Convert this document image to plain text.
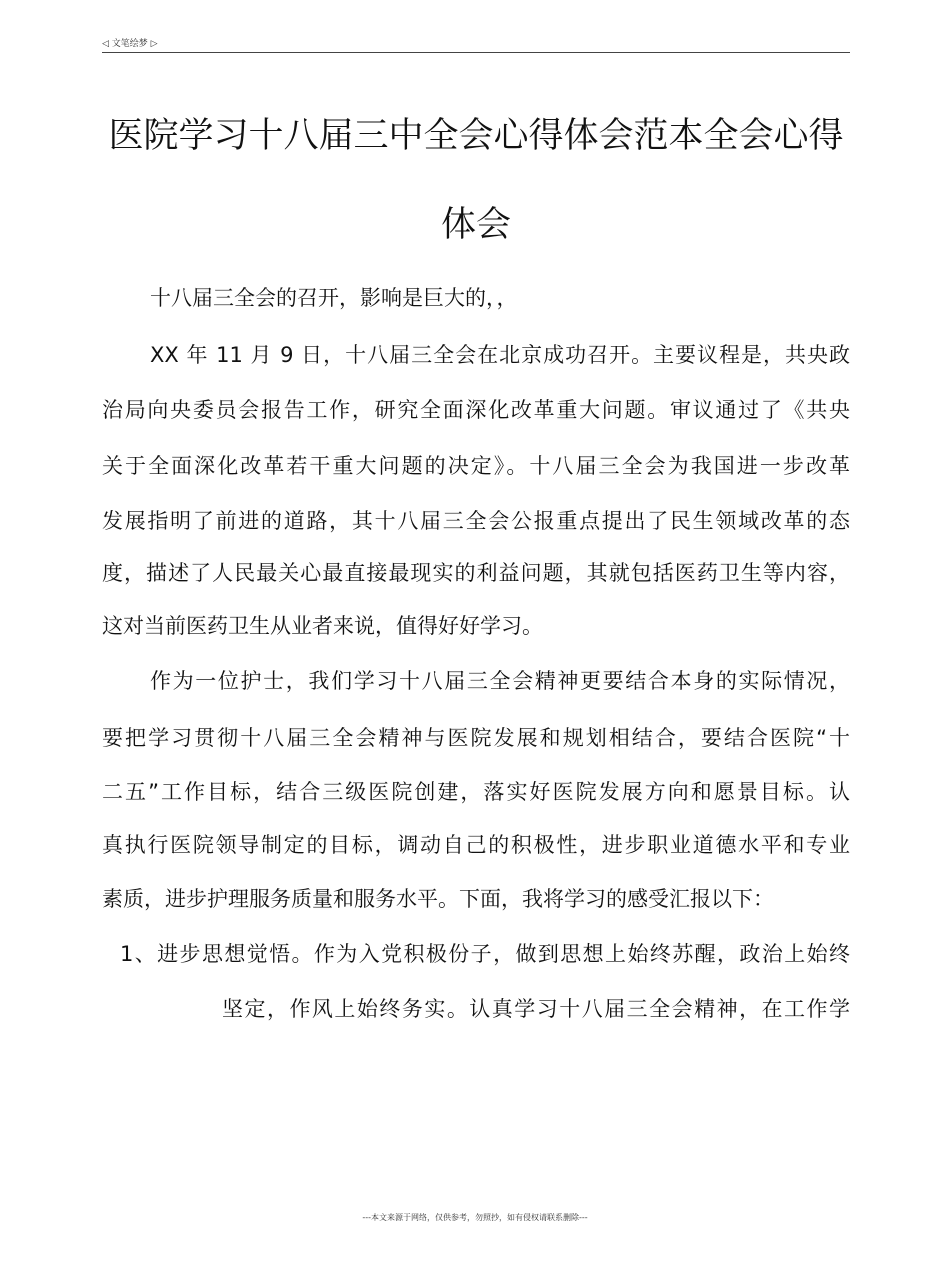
◁ 文笔绘梦 ▷
医院学习十八届三中全会心得体会范本全会心得
体会
十八届三全会的召开，影响是巨大的，，
XX 年 11 月 9 日，十八届三全会在北京成功召开。主要议程是，共央政
治局向央委员会报告工作，研究全面深化改革重大问题。审议通过了《共央
关于全面深化改革若干重大问题的决定》。十八届三全会为我国进一步改革
发展指明了前进的道路，其十八届三全会公报重点提出了民生领域改革的态
度，描述了人民最关心最直接最现实的利益问题，其就包括医药卫生等内容，
这对当前医药卫生从业者来说，值得好好学习。
作为一位护士，我们学习十八届三全会精神更要结合本身的实际情况，
要把学习贯彻十八届三全会精神与医院发展和规划相结合，要结合医院“十
二五”工作目标，结合三级医院创建，落实好医院发展方向和愿景目标。认
真执行医院领导制定的目标，调动自己的积极性，进步职业道德水平和专业
素质，进步护理服务质量和服务水平。下面，我将学习的感受汇报以下：
1、进步思想觉悟。作为入党积极份子，做到思想上始终苏醒，政治上始终
坚定，作风上始终务实。认真学习十八届三全会精神，在工作学
---本文来源于网络，仅供参考，勿照抄，如有侵权请联系删除---
